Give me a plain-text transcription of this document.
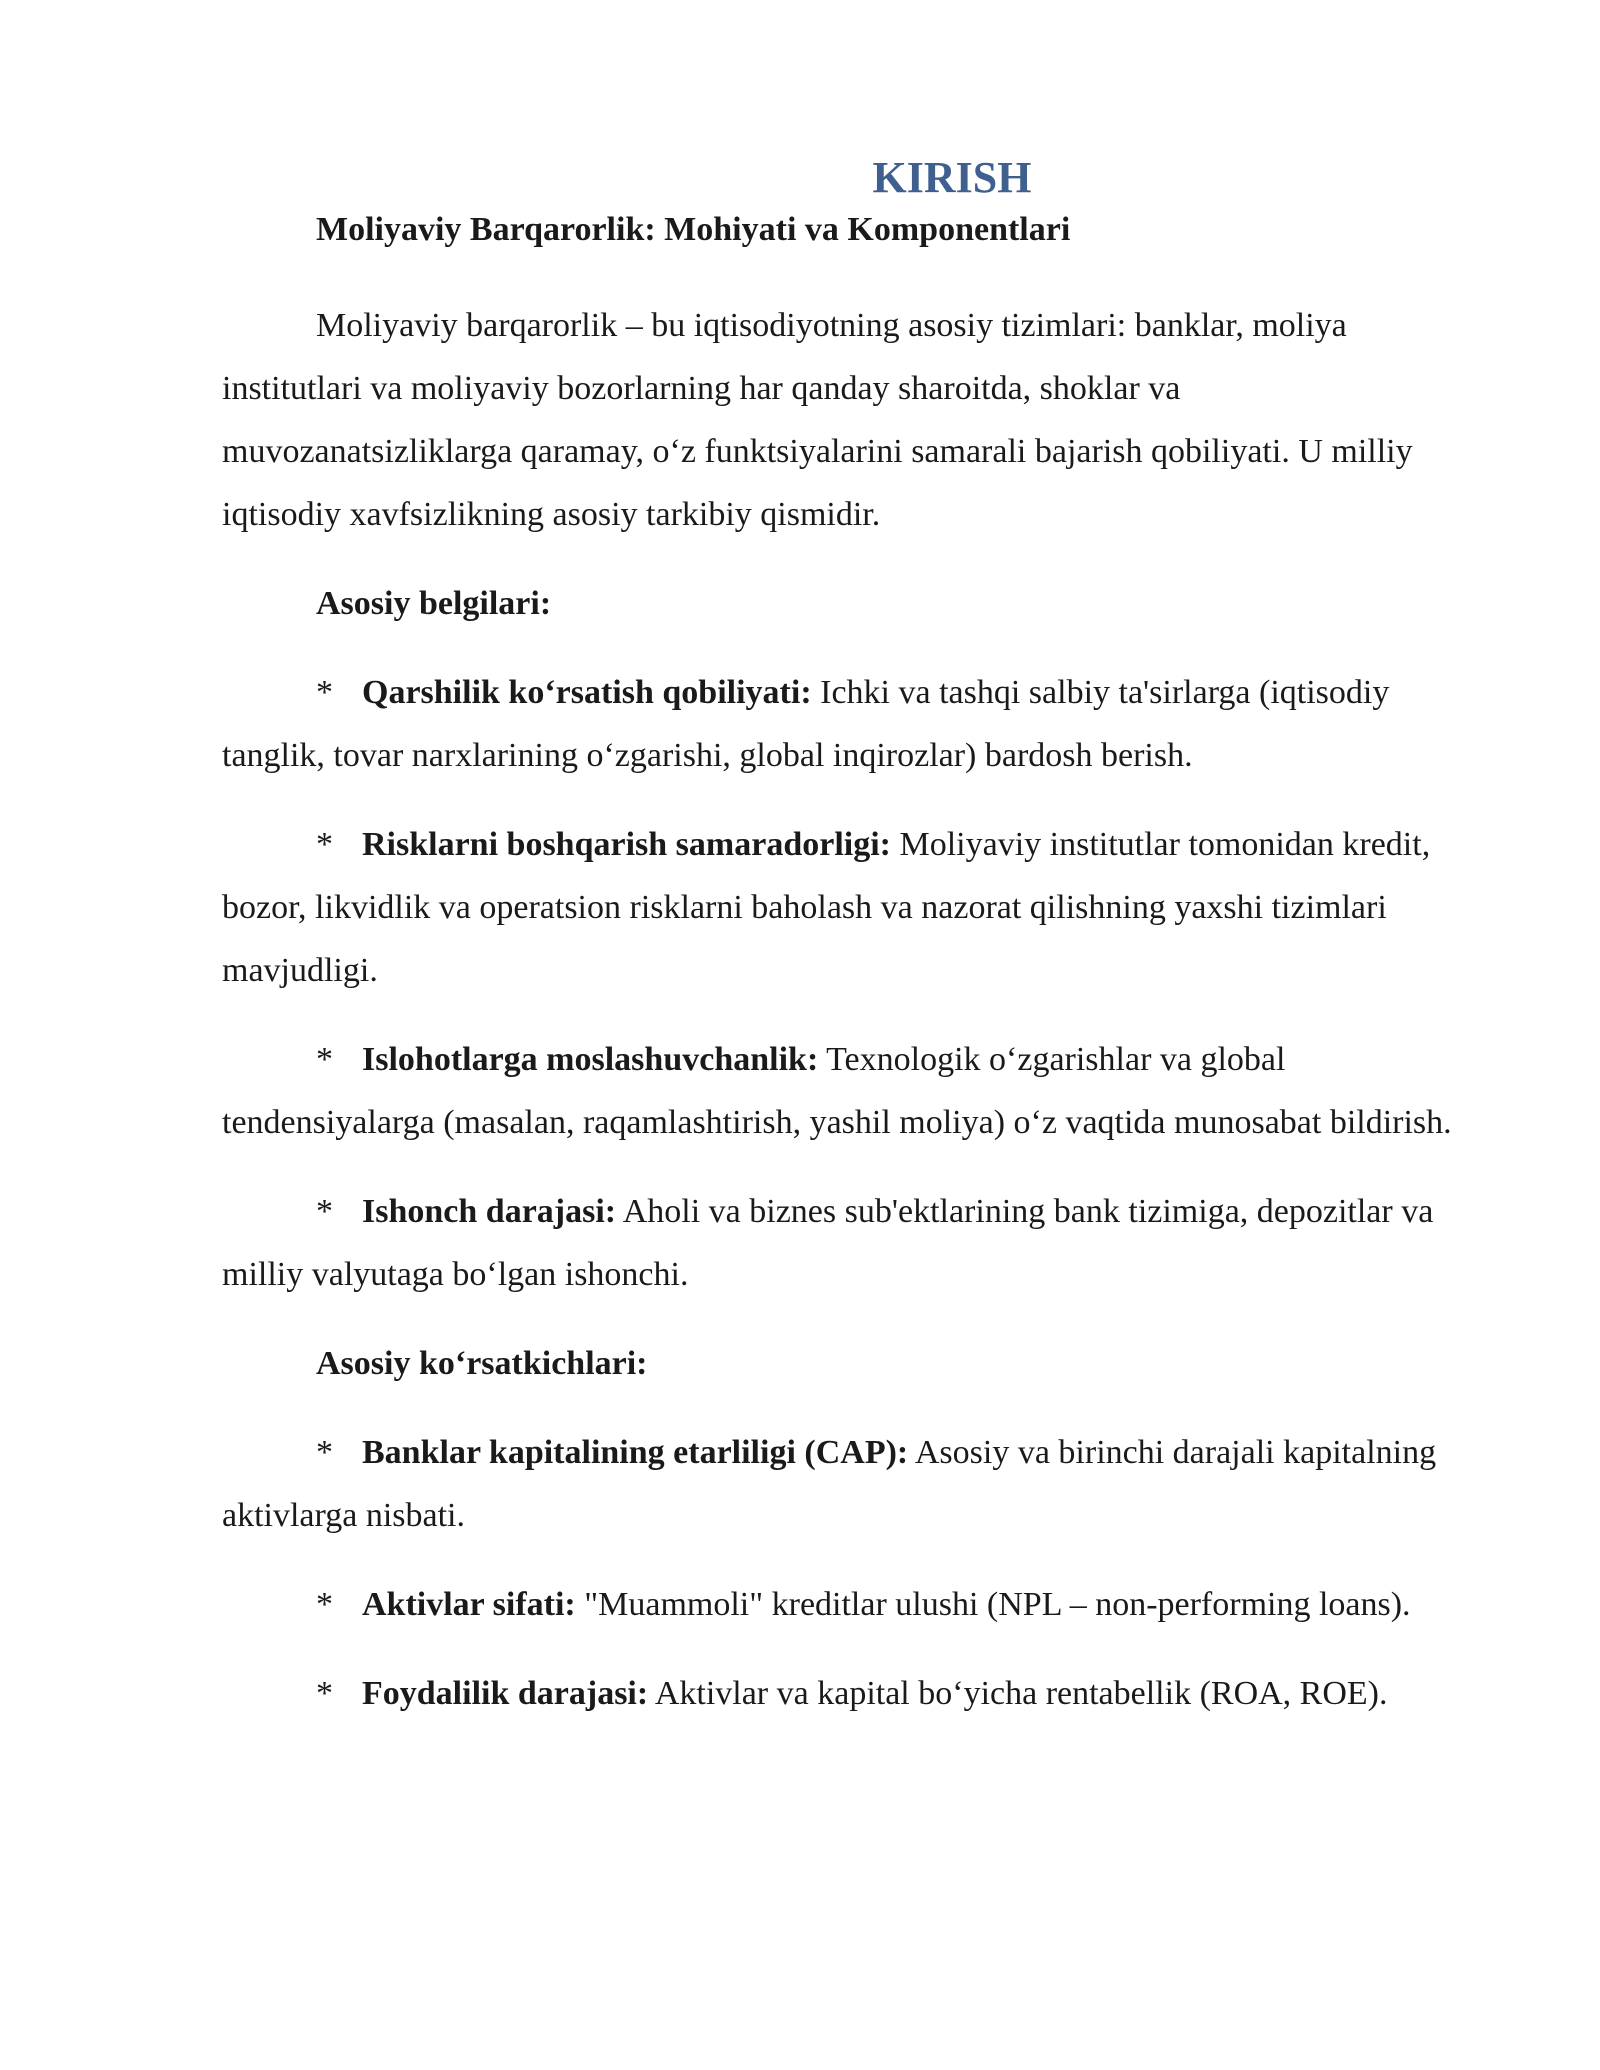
KIRISH
Moliyaviy Barqarorlik: Mohiyati va Komponentlari

Moliyaviy barqarorlik – bu iqtisodiyotning asosiy tizimlari: banklar, moliya institutlari va moliyaviy bozorlarning har qanday sharoitda, shoklar va muvozanatsizliklarga qaramay, o‘z funktsiyalarini samarali bajarish qobiliyati. U milliy iqtisodiy xavfsizlikning asosiy tarkibiy qismidir.

Asosiy belgilari:

* Qarshilik ko‘rsatish qobiliyati: Ichki va tashqi salbiy ta'sirlarga (iqtisodiy tanglik, tovar narxlarining o‘zgarishi, global inqirozlar) bardosh berish.

* Risklarni boshqarish samaradorligi: Moliyaviy institutlar tomonidan kredit, bozor, likvidlik va operatsion risklarni baholash va nazorat qilishning yaxshi tizimlari mavjudligi.

* Islohotlarga moslashuvchanlik: Texnologik o‘zgarishlar va global tendensiyalarga (masalan, raqamlashtirish, yashil moliya) o‘z vaqtida munosabat bildirish.

* Ishonch darajasi: Aholi va biznes sub'ektlarining bank tizimiga, depozitlar va milliy valyutaga bo‘lgan ishonchi.

Asosiy ko‘rsatkichlari:

* Banklar kapitalining etarliligi (CAP): Asosiy va birinchi darajali kapitalning aktivlarga nisbati.

* Aktivlar sifati: "Muammoli" kreditlar ulushi (NPL – non-performing loans).

* Foydalilik darajasi: Aktivlar va kapital bo‘yicha rentabellik (ROA, ROE).
